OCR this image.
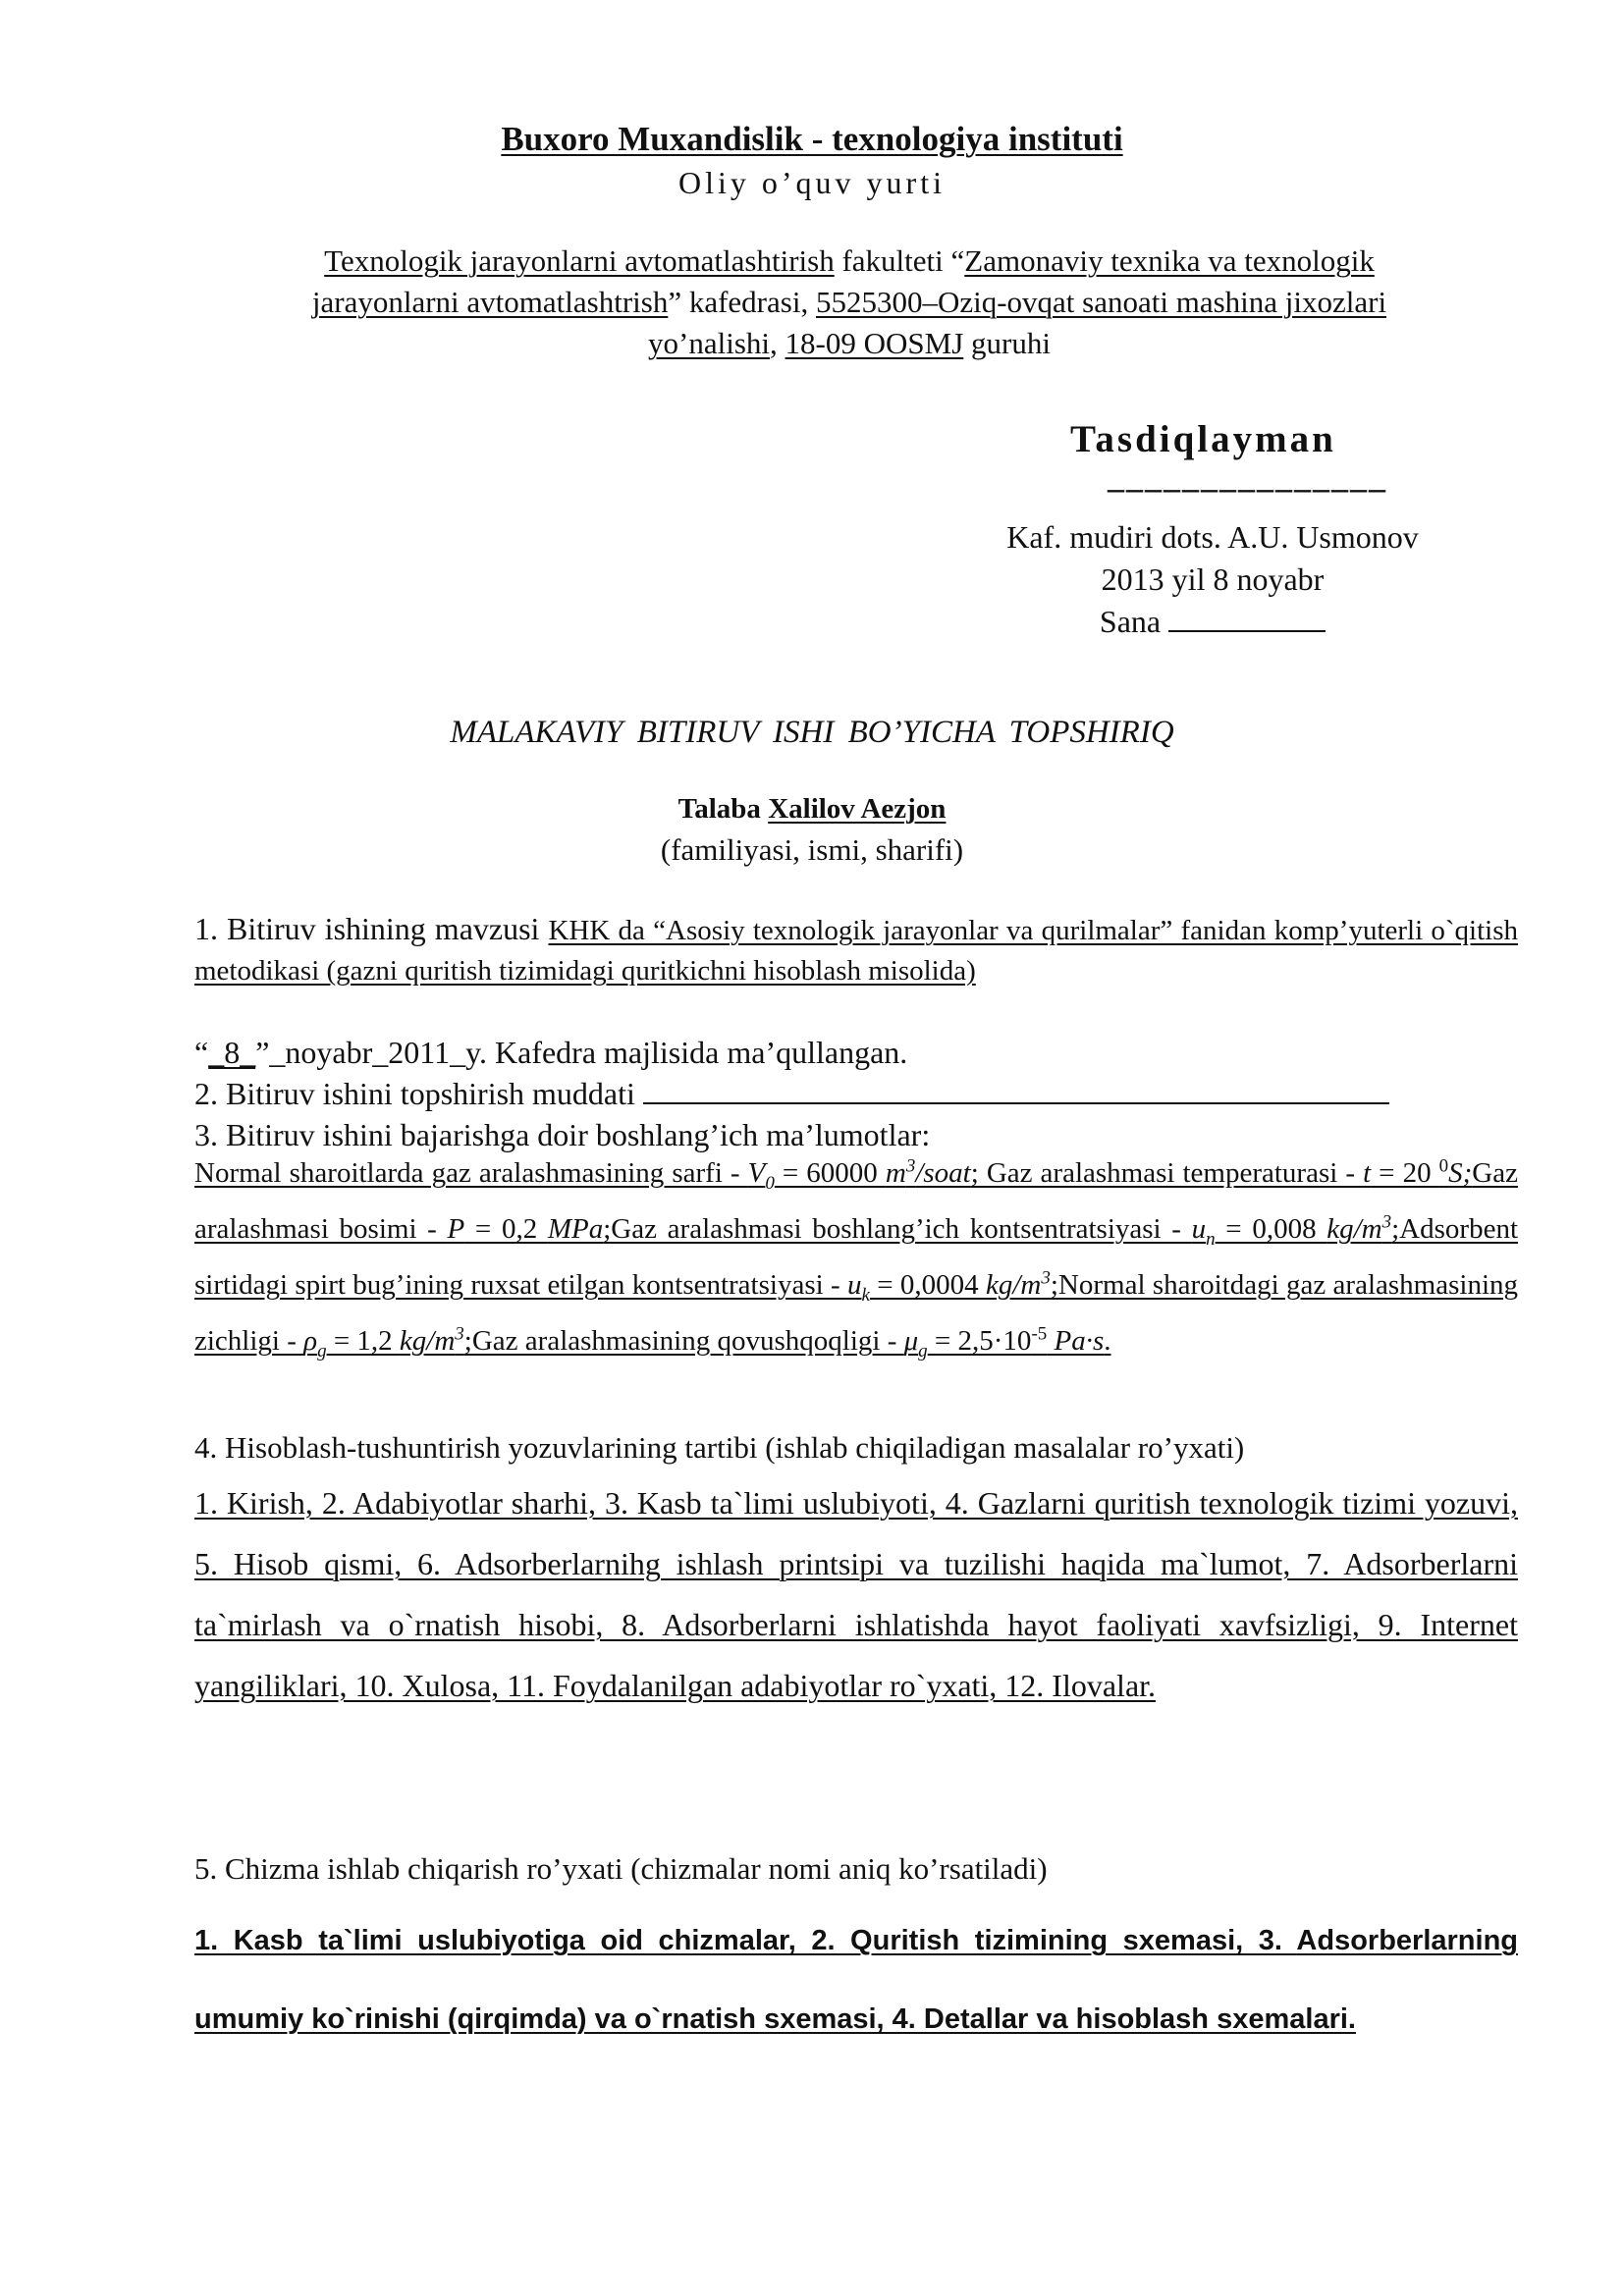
Buxoro Muxandislik - texnologiya instituti
Oliy o’quv yurti
Texnologik jarayonlarni avtomatlashtirish fakulteti “Zamonaviy texnika va texnologik
jarayonlarni avtomatlashtrish” kafedrasi, 5525300–Oziq-ovqat sanoati mashina jixozlari
yo’nalishi, 18-09 OOSMJ guruhi
Tasdiqlayman
_______________
Kaf. mudiri dots. A.U. Usmonov
2013 yil 8 noyabr
Sana
MALAKAVIY BITIRUV ISHI BO’YICHA TOPSHIRIQ
Talaba Xalilov Aezjon
(familiyasi, ismi, sharifi)
1. Bitiruv ishining mavzusi KHK da “Asosiy texnologik jarayonlar va qurilmalar” fanidan komp’yuterli o`qitish metodikasi (gazni quritish tizimidagi quritkichni hisoblash misolida)
“_8_”_noyabr_2011_y. Kafedra majlisida ma’qullangan.
2. Bitiruv ishini topshirish muddati
3. Bitiruv ishini bajarishga doir boshlang’ich ma’lumotlar:
Normal sharoitlarda gaz aralashmasining sarfi - $V_0 = 60000$ $m^3$/soat; Gaz aralashmasi temperaturasi - t = 20 $^0$S;Gaz aralashmasi bosimi - P = 0,2 MPa;Gaz aralashmasi boshlang’ich kontsentratsiyasi - $u_n = 0,008$ $kg/m^3;Adsorbent$ sirtidagi spirt bug’ining ruxsat etilgan kontsentratsiyasi - $u_k = 0,0004$ $kg/m^3;Normal$ sharoitdagi gaz aralashmasining zichligi - $\rho_g = 1,2$ $kg/m^3;Gaz$ aralashmasining qovushqoqligi - $\mu_g = 2,5\cdot 10^{-5}$ Pa·s.
4. Hisoblash-tushuntirish yozuvlarining tartibi (ishlab chiqiladigan masalalar ro’yxati)
1. Kirish, 2. Adabiyotlar sharhi, 3. Kasb ta`limi uslubiyoti, 4. Gazlarni quritish texnologik tizimi yozuvi, 5. Hisob qismi, 6. Adsorberlarnihg ishlash printsipi va tuzilishi haqida ma`lumot, 7. Adsorberlarni ta`mirlash va o`rnatish hisobi, 8. Adsorberlarni ishlatishda hayot faoliyati xavfsizligi, 9. Internet yangiliklari, 10. Xulosa, 11. Foydalanilgan adabiyotlar ro`yxati, 12. Ilovalar.
5. Chizma ishlab chiqarish ro’yxati (chizmalar nomi aniq ko’rsatiladi)
1. Kasb ta`limi uslubiyotiga oid chizmalar, 2. Quritish tizimining sxemasi, 3. Adsorberlarning umumiy ko`rinishi (qirqimda) va o`rnatish sxemasi, 4. Detallar va hisoblash sxemalari.
